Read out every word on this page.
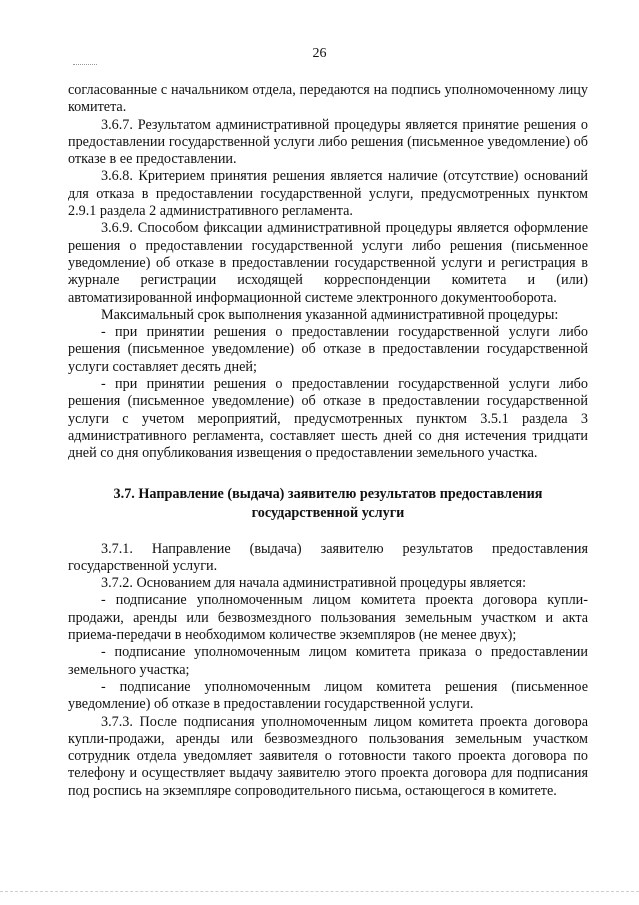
26

согласованные с начальником отдела, передаются на подпись уполномоченному лицу комитета.

3.6.7. Результатом административной процедуры является принятие решения о предоставлении государственной услуги либо решения (письменное уведомление) об отказе в ее предоставлении.

3.6.8. Критерием принятия решения является наличие (отсутствие) оснований для отказа в предоставлении государственной услуги, предусмотренных пунктом 2.9.1 раздела 2 административного регламента.

3.6.9. Способом фиксации административной процедуры является оформление решения о предоставлении государственной услуги либо решения (письменное уведомление) об отказе в предоставлении государственной услуги и регистрация в журнале регистрации исходящей корреспонденции комитета и (или) автоматизированной информационной системе электронного документооборота.

Максимальный срок выполнения указанной административной процедуры:

- при принятии решения о предоставлении государственной услуги либо решения (письменное уведомление) об отказе в предоставлении государственной услуги составляет десять дней;

- при принятии решения о предоставлении государственной услуги либо решения (письменное уведомление) об отказе в предоставлении государственной услуги с учетом мероприятий, предусмотренных пунктом 3.5.1 раздела 3 административного регламента, составляет шесть дней со дня истечения тридцати дней со дня опубликования извещения о предоставлении земельного участка.

3.7. Направление (выдача) заявителю результатов предоставления государственной услуги

3.7.1. Направление (выдача) заявителю результатов предоставления государственной услуги.

3.7.2. Основанием для начала административной процедуры является:

- подписание уполномоченным лицом комитета проекта договора купли-продажи, аренды или безвозмездного пользования земельным участком и акта приема-передачи в необходимом количестве экземпляров (не менее двух);

- подписание уполномоченным лицом комитета приказа о предоставлении земельного участка;

- подписание уполномоченным лицом комитета решения (письменное уведомление) об отказе в предоставлении государственной услуги.

3.7.3. После подписания уполномоченным лицом комитета проекта договора купли-продажи, аренды или безвозмездного пользования земельным участком сотрудник отдела уведомляет заявителя о готовности такого проекта договора по телефону и осуществляет выдачу заявителю этого проекта договора для подписания под роспись на экземпляре сопроводительного письма, остающегося в комитете.
